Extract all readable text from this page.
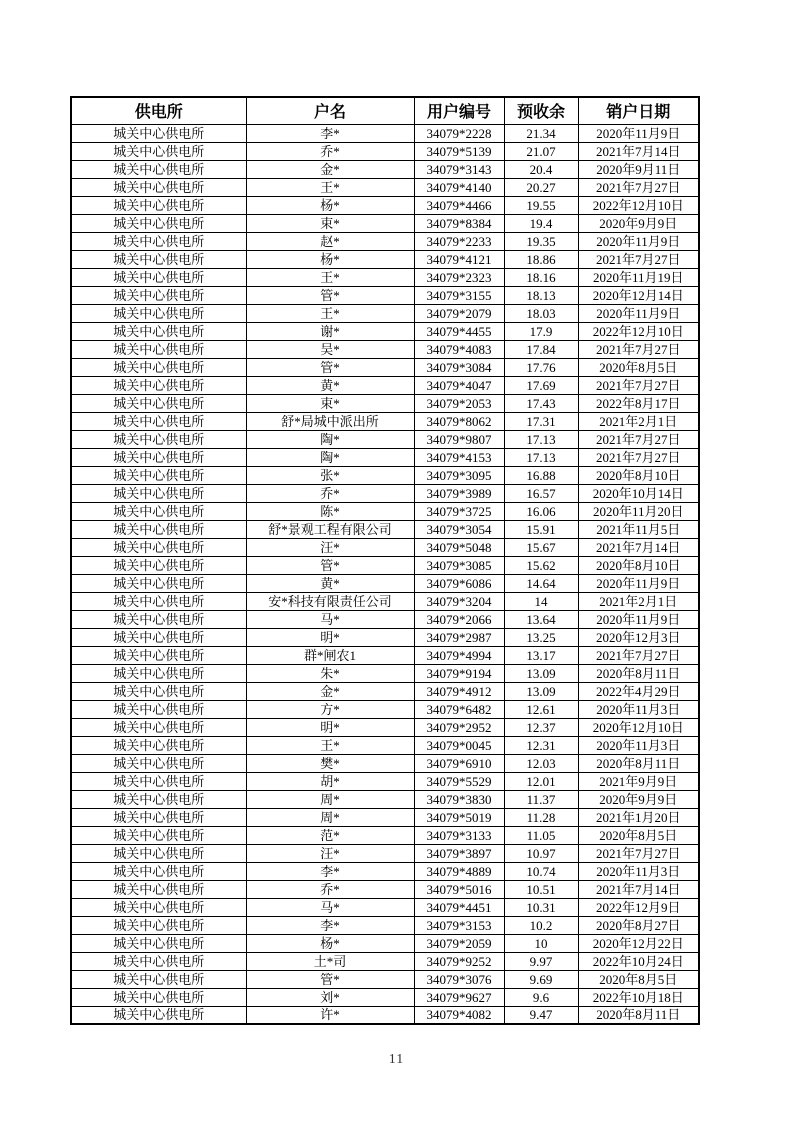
供电所	户名	用户编号	预收余	销户日期
城关中心供电所	李*	34079*2228	21.34	2020年11月9日
城关中心供电所	乔*	34079*5139	21.07	2021年7月14日
城关中心供电所	金*	34079*3143	20.4	2020年9月11日
城关中心供电所	王*	34079*4140	20.27	2021年7月27日
城关中心供电所	杨*	34079*4466	19.55	2022年12月10日
城关中心供电所	束*	34079*8384	19.4	2020年9月9日
城关中心供电所	赵*	34079*2233	19.35	2020年11月9日
城关中心供电所	杨*	34079*4121	18.86	2021年7月27日
城关中心供电所	王*	34079*2323	18.16	2020年11月19日
城关中心供电所	管*	34079*3155	18.13	2020年12月14日
城关中心供电所	王*	34079*2079	18.03	2020年11月9日
城关中心供电所	谢*	34079*4455	17.9	2022年12月10日
城关中心供电所	吴*	34079*4083	17.84	2021年7月27日
城关中心供电所	管*	34079*3084	17.76	2020年8月5日
城关中心供电所	黄*	34079*4047	17.69	2021年7月27日
城关中心供电所	束*	34079*2053	17.43	2022年8月17日
城关中心供电所	舒*局城中派出所	34079*8062	17.31	2021年2月1日
城关中心供电所	陶*	34079*9807	17.13	2021年7月27日
城关中心供电所	陶*	34079*4153	17.13	2021年7月27日
城关中心供电所	张*	34079*3095	16.88	2020年8月10日
城关中心供电所	乔*	34079*3989	16.57	2020年10月14日
城关中心供电所	陈*	34079*3725	16.06	2020年11月20日
城关中心供电所	舒*景观工程有限公司	34079*3054	15.91	2021年11月5日
城关中心供电所	汪*	34079*5048	15.67	2021年7月14日
城关中心供电所	管*	34079*3085	15.62	2020年8月10日
城关中心供电所	黄*	34079*6086	14.64	2020年11月9日
城关中心供电所	安*科技有限责任公司	34079*3204	14	2021年2月1日
城关中心供电所	马*	34079*2066	13.64	2020年11月9日
城关中心供电所	明*	34079*2987	13.25	2020年12月3日
城关中心供电所	群*闸农1	34079*4994	13.17	2021年7月27日
城关中心供电所	朱*	34079*9194	13.09	2020年8月11日
城关中心供电所	金*	34079*4912	13.09	2022年4月29日
城关中心供电所	方*	34079*6482	12.61	2020年11月3日
城关中心供电所	明*	34079*2952	12.37	2020年12月10日
城关中心供电所	王*	34079*0045	12.31	2020年11月3日
城关中心供电所	樊*	34079*6910	12.03	2020年8月11日
城关中心供电所	胡*	34079*5529	12.01	2021年9月9日
城关中心供电所	周*	34079*3830	11.37	2020年9月9日
城关中心供电所	周*	34079*5019	11.28	2021年1月20日
城关中心供电所	范*	34079*3133	11.05	2020年8月5日
城关中心供电所	汪*	34079*3897	10.97	2021年7月27日
城关中心供电所	李*	34079*4889	10.74	2020年11月3日
城关中心供电所	乔*	34079*5016	10.51	2021年7月14日
城关中心供电所	马*	34079*4451	10.31	2022年12月9日
城关中心供电所	李*	34079*3153	10.2	2020年8月27日
城关中心供电所	杨*	34079*2059	10	2020年12月22日
城关中心供电所	土*司	34079*9252	9.97	2022年10月24日
城关中心供电所	管*	34079*3076	9.69	2020年8月5日
城关中心供电所	刘*	34079*9627	9.6	2022年10月18日
城关中心供电所	许*	34079*4082	9.47	2020年8月11日
11
